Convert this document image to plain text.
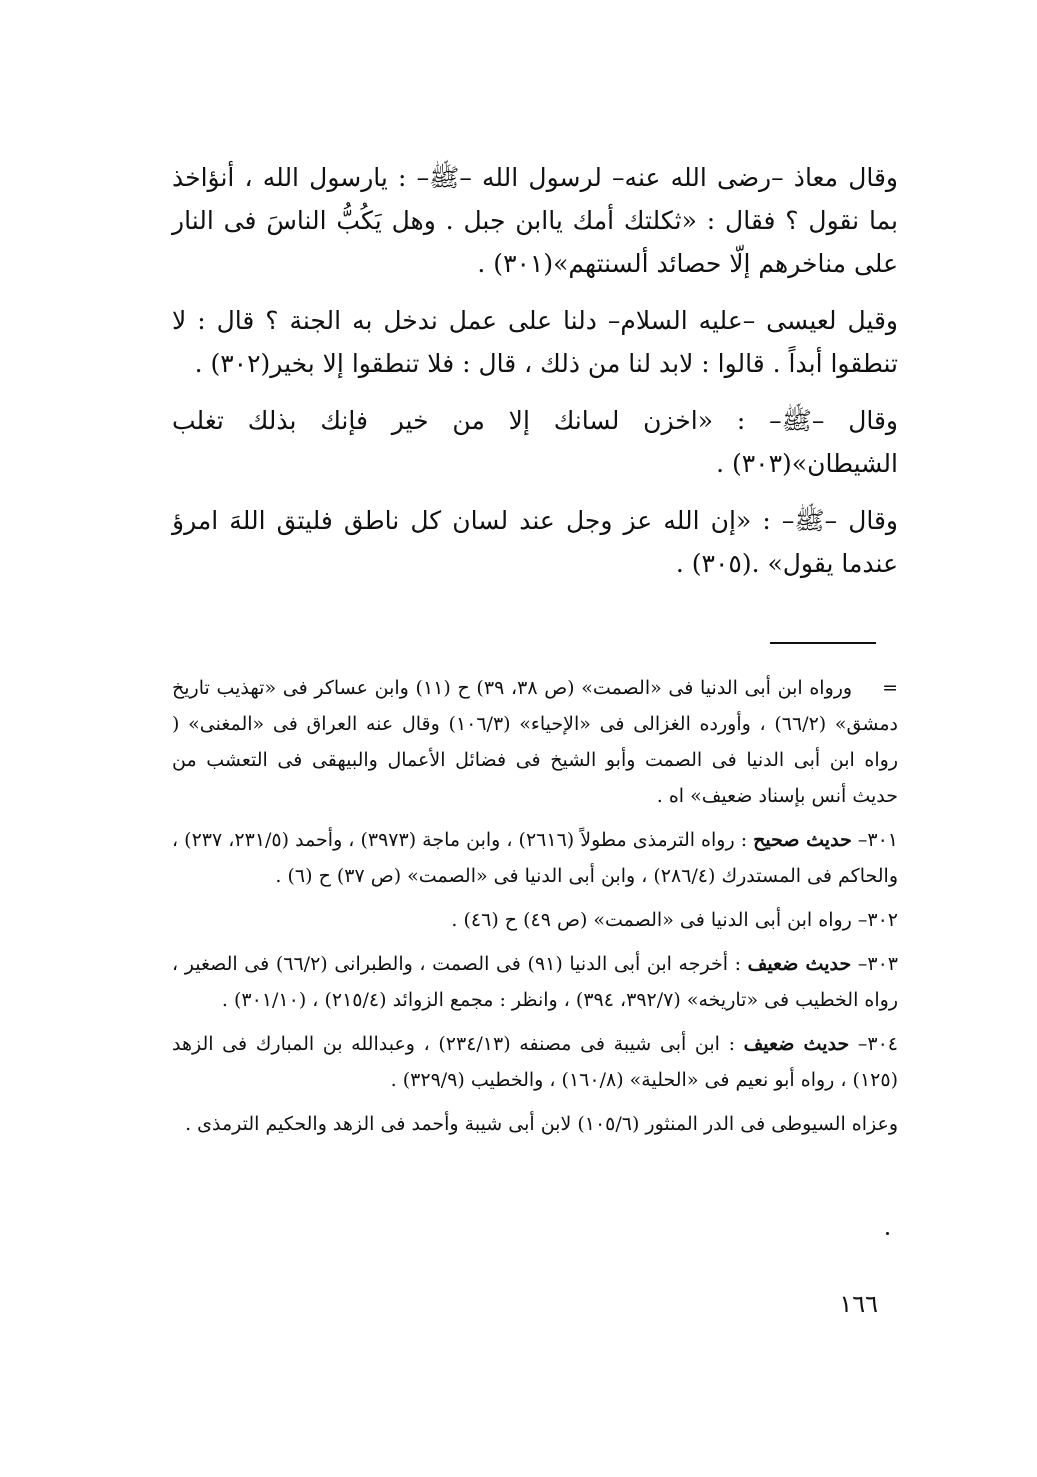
وقال معاذ –رضى الله عنه– لرسول الله –ﷺ– : يارسول الله ، أنؤاخذ بما نقول ؟ فقال : «ثكلتك أمك ياابن جبل . وهل يَكُبُّ الناسَ فى النار على مناخرهم إلّا حصائد ألسنتهم»(٣٠١) .

وقيل لعيسى –عليه السلام– دلنا على عمل ندخل به الجنة ؟ قال : لا تنطقوا أبداً . قالوا : لابد لنا من ذلك ، قال : فلا تنطقوا إلا بخير(٣٠٢) .

وقال –ﷺ– : «اخزن لسانك إلا من خير فإنك بذلك تغلب الشيطان»(٣٠٣) .

وقال –ﷺ– : «إن الله عز وجل عند لسان كل ناطق فليتق اللهَ امرؤ عندما يقول» .(٣٠٥) .

= ورواه ابن أبى الدنيا فى «الصمت» (ص ٣٨، ٣٩) ح (١١) وابن عساكر فى «تهذيب تاريخ دمشق» (٦٦/٢) ، وأورده الغزالى فى «الإحياء» (١٠٦/٣) وقال عنه العراق فى «المغنى» ( رواه ابن أبى الدنيا فى الصمت وأبو الشيخ فى فضائل الأعمال والبيهقى فى التعشب من حديث أنس بإسناد ضعيف» اه .

٣٠١– حديث صحيح : رواه الترمذى مطولاً (٢٦١٦) ، وابن ماجة (٣٩٧٣) ، وأحمد (٢٣١/٥، ٢٣٧) ، والحاكم فى المستدرك (٢٨٦/٤) ، وابن أبى الدنيا فى «الصمت» (ص ٣٧) ح (٦) .

٣٠٢– رواه ابن أبى الدنيا فى «الصمت» (ص ٤٩) ح (٤٦) .

٣٠٣– حديث ضعيف : أخرجه ابن أبى الدنيا (٩١) فى الصمت ، والطبرانى (٦٦/٢) فى الصغير ، رواه الخطيب فى «تاريخه» (٣٩٢/٧، ٣٩٤) ، وانظر : مجمع الزوائد (٢١٥/٤) ، (٣٠١/١٠) .

٣٠٤– حديث ضعيف : ابن أبى شيبة فى مصنفه (٢٣٤/١٣) ، وعبدالله بن المبارك فى الزهد (١٢٥) ، رواه أبو نعيم فى «الحلية» (١٦٠/٨) ، والخطيب (٣٢٩/٩) .

وعزاه السيوطى فى الدر المنثور (١٠٥/٦) لابن أبى شيبة وأحمد فى الزهد والحكيم الترمذى .

١٦٦
